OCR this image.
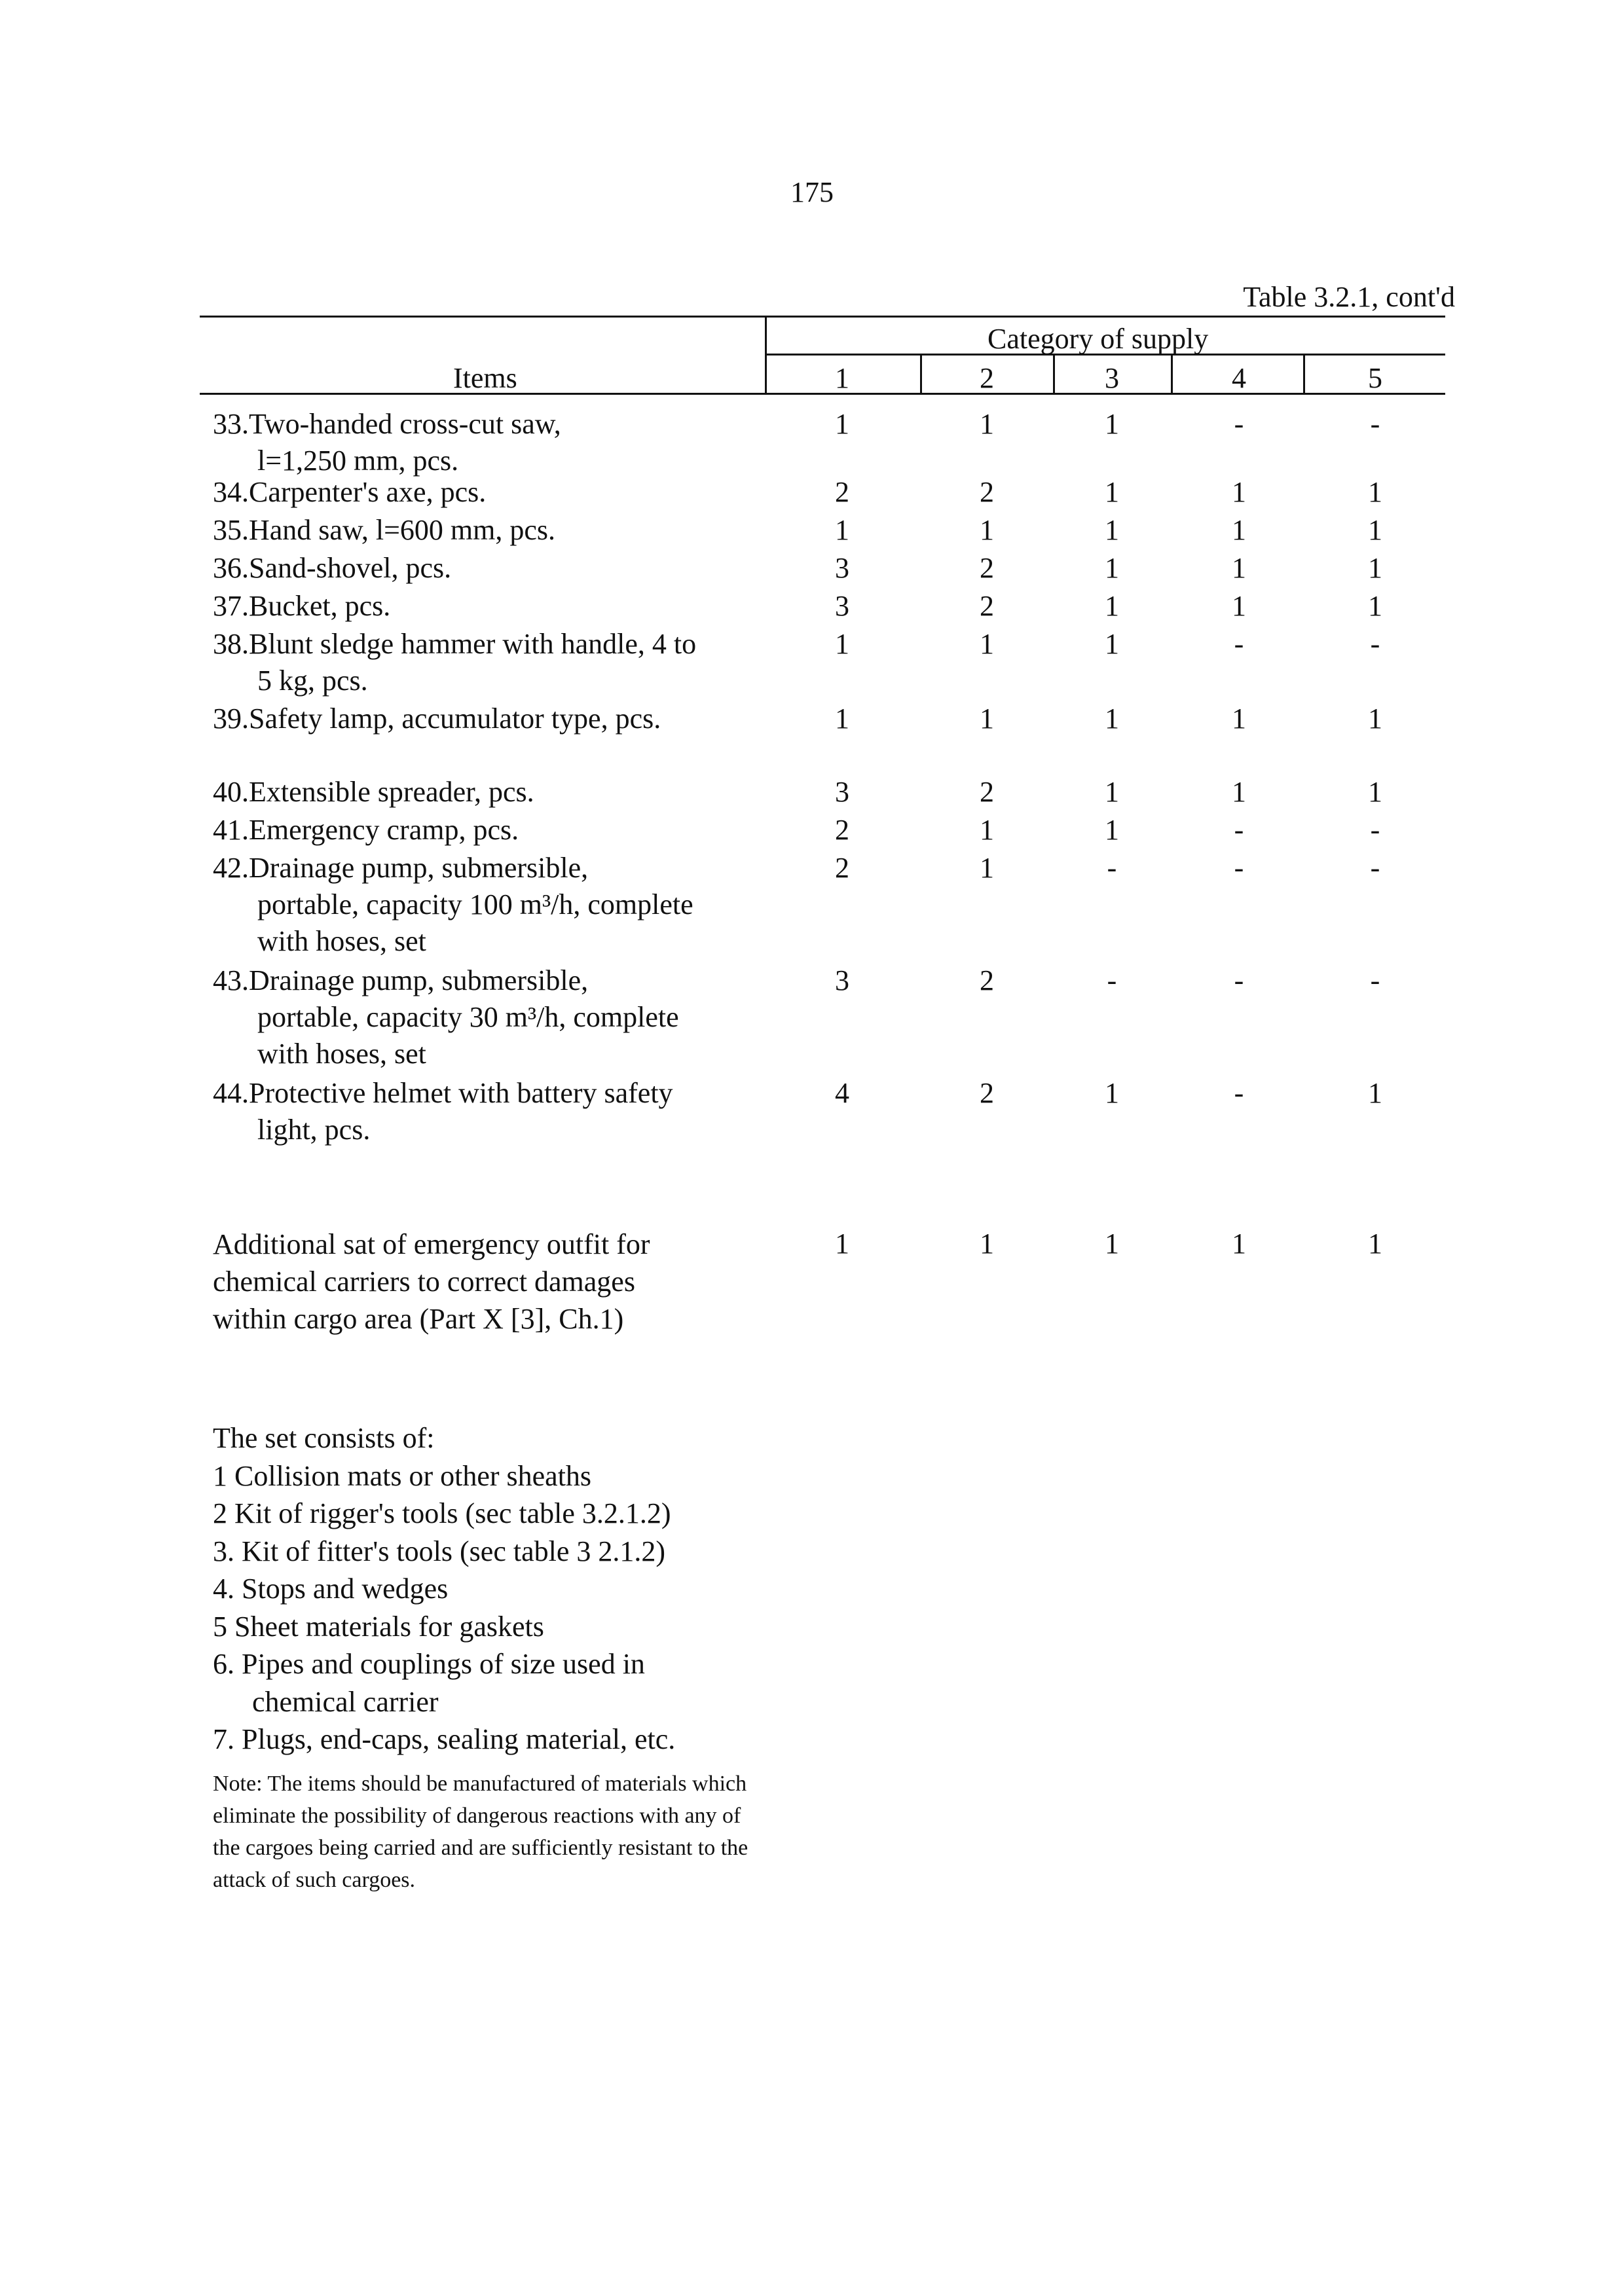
175
Table 3.2.1, cont'd
Items
Category of supply
1	2	3	4	5
33.Two-handed cross-cut saw,
l=1,250 mm, pcs.
1	1	1	-	-
34.Carpenter's axe, pcs.	2	2	1	1	1
35.Hand saw, l=600 mm, pcs.	1	1	1	1	1
36.Sand-shovel, pcs.	3	2	1	1	1
37.Bucket, pcs.	3	2	1	1	1
38.Blunt sledge hammer with handle, 4 to
5 kg, pcs.
1	1	1	-	-
39.Safety lamp, accumulator type, pcs.	1	1	1	1	1
40.Extensible spreader, pcs.	3	2	1	1	1
41.Emergency cramp, pcs.	2	1	1	-	-
42.Drainage pump, submersible,
portable, capacity 100 m³/h, complete
with hoses, set
2	1	-	-	-
43.Drainage pump, submersible,
portable, capacity 30 m³/h, complete
with hoses, set
3	2	-	-	-
44.Protective helmet with battery safety
light, pcs.
4	2	1	-	1
Additional sat of emergency outfit for
chemical carriers to correct damages
within cargo area (Part X [3], Ch.1)
1	1	1	1	1
The set consists of:
1 Collision mats or other sheaths
2 Kit of rigger's tools (sec table 3.2.1.2)
3. Kit of fitter's tools (sec table 3 2.1.2)
4. Stops and wedges
5 Sheet materials for gaskets
6. Pipes and couplings of size used in
chemical carrier
7. Plugs, end-caps, sealing material, etc.
Note: The items should be manufactured of materials which eliminate the possibility of dangerous reactions with any of the cargoes being carried and are sufficiently resistant to the attack of such cargoes.
